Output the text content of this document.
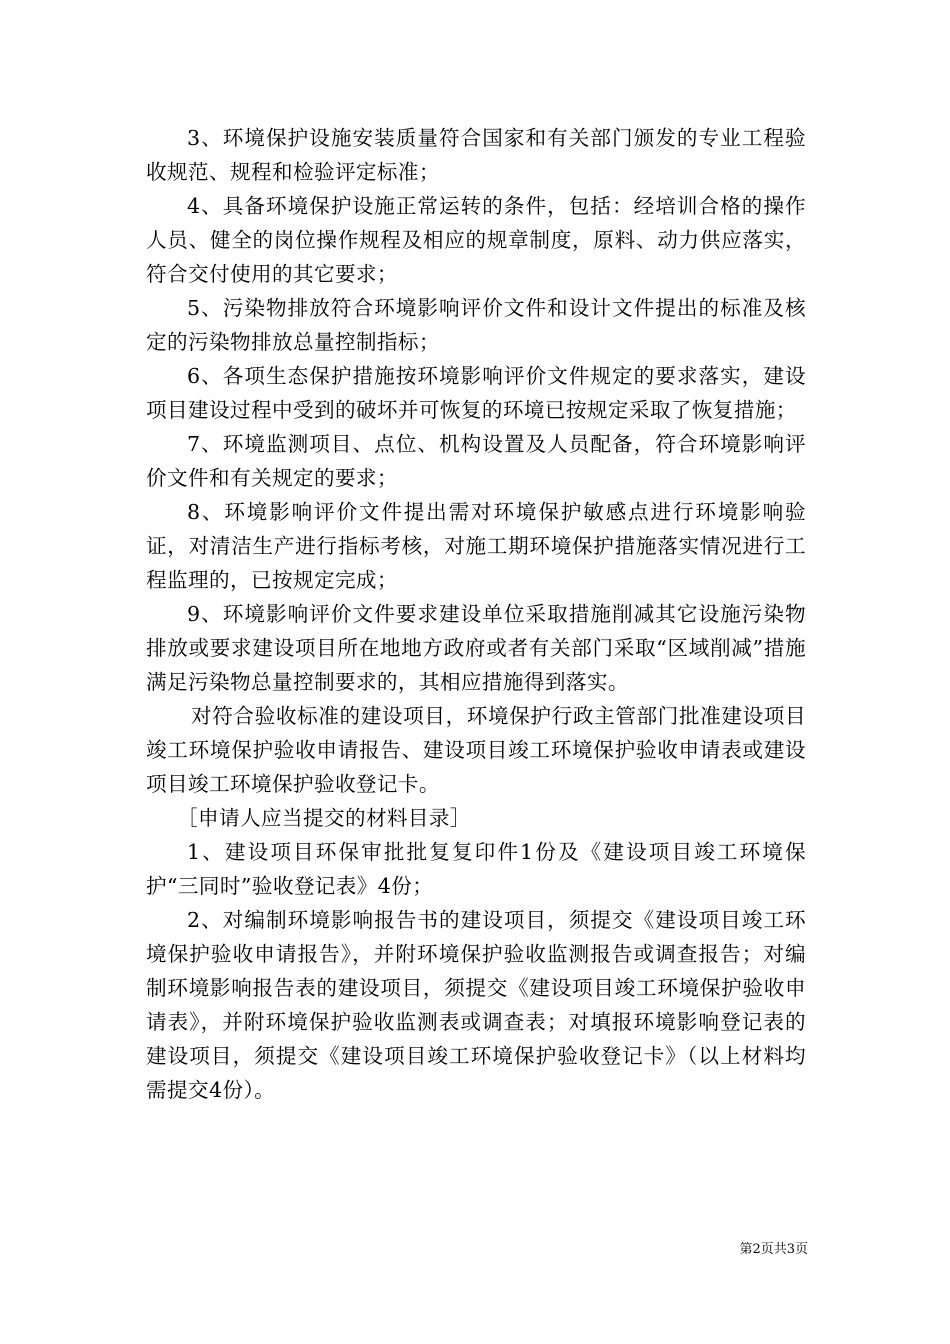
3、环境保护设施安装质量符合国家和有关部门颁发的专业工程验收规范、规程和检验评定标准；

4、具备环境保护设施正常运转的条件，包括：经培训合格的操作人员、健全的岗位操作规程及相应的规章制度，原料、动力供应落实，符合交付使用的其它要求；

5、污染物排放符合环境影响评价文件和设计文件提出的标准及核定的污染物排放总量控制指标；

6、各项生态保护措施按环境影响评价文件规定的要求落实，建设项目建设过程中受到的破坏并可恢复的环境已按规定采取了恢复措施；

7、环境监测项目、点位、机构设置及人员配备，符合环境影响评价文件和有关规定的要求；

8、环境影响评价文件提出需对环境保护敏感点进行环境影响验证，对清洁生产进行指标考核，对施工期环境保护措施落实情况进行工程监理的，已按规定完成；

9、环境影响评价文件要求建设单位采取措施削减其它设施污染物排放或要求建设项目所在地地方政府或者有关部门采取“区域削减”措施满足污染物总量控制要求的，其相应措施得到落实。

对符合验收标准的建设项目，环境保护行政主管部门批准建设项目竣工环境保护验收申请报告、建设项目竣工环境保护验收申请表或建设项目竣工环境保护验收登记卡。

［申请人应当提交的材料目录］

1、建设项目环保审批批复复印件1份及《建设项目竣工环境保护“三同时”验收登记表》4份；

2、对编制环境影响报告书的建设项目，须提交《建设项目竣工环境保护验收申请报告》，并附环境保护验收监测报告或调查报告；对编制环境影响报告表的建设项目，须提交《建设项目竣工环境保护验收申请表》，并附环境保护验收监测表或调查表；对填报环境影响登记表的建设项目，须提交《建设项目竣工环境保护验收登记卡》（以上材料均需提交4份）。

第2页共3页
